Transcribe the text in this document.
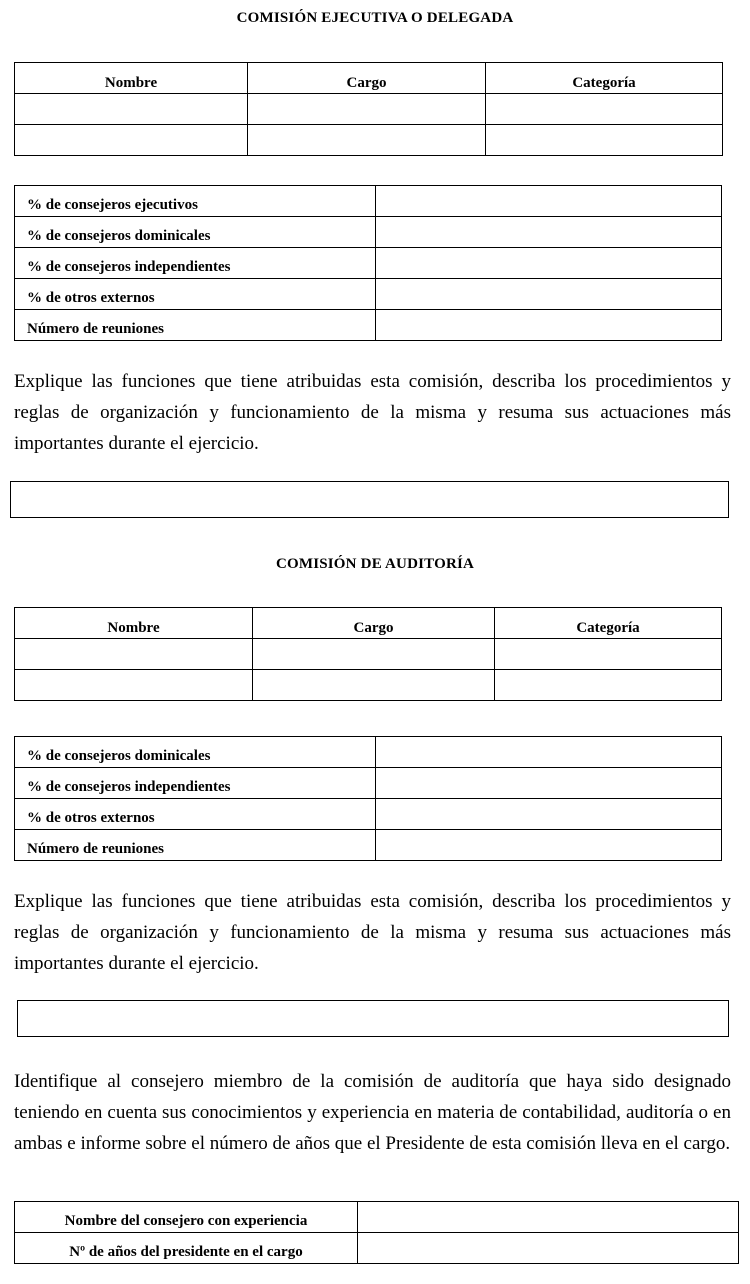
COMISIÓN EJECUTIVA O DELEGADA
Nombre	Cargo	Categoría

% de consejeros ejecutivos	
% de consejeros dominicales	
% de consejeros independientes	
% de otros externos	
Número de reuniones	
Explique las funciones que tiene atribuidas esta comisión, describa los procedimientos y reglas de organización y funcionamiento de la misma y resuma sus actuaciones más importantes durante el ejercicio.
COMISIÓN DE AUDITORÍA
Nombre	Cargo	Categoría

% de consejeros dominicales	
% de consejeros independientes	
% de otros externos	
Número de reuniones	
Explique las funciones que tiene atribuidas esta comisión, describa los procedimientos y reglas de organización y funcionamiento de la misma y resuma sus actuaciones más importantes durante el ejercicio.
Identifique al consejero miembro de la comisión de auditoría que haya sido designado teniendo en cuenta sus conocimientos y experiencia en materia de contabilidad, auditoría o en ambas e informe sobre el número de años que el Presidente de esta comisión lleva en el cargo.
Nombre del consejero con experiencia	
Nº de años del presidente en el cargo	
